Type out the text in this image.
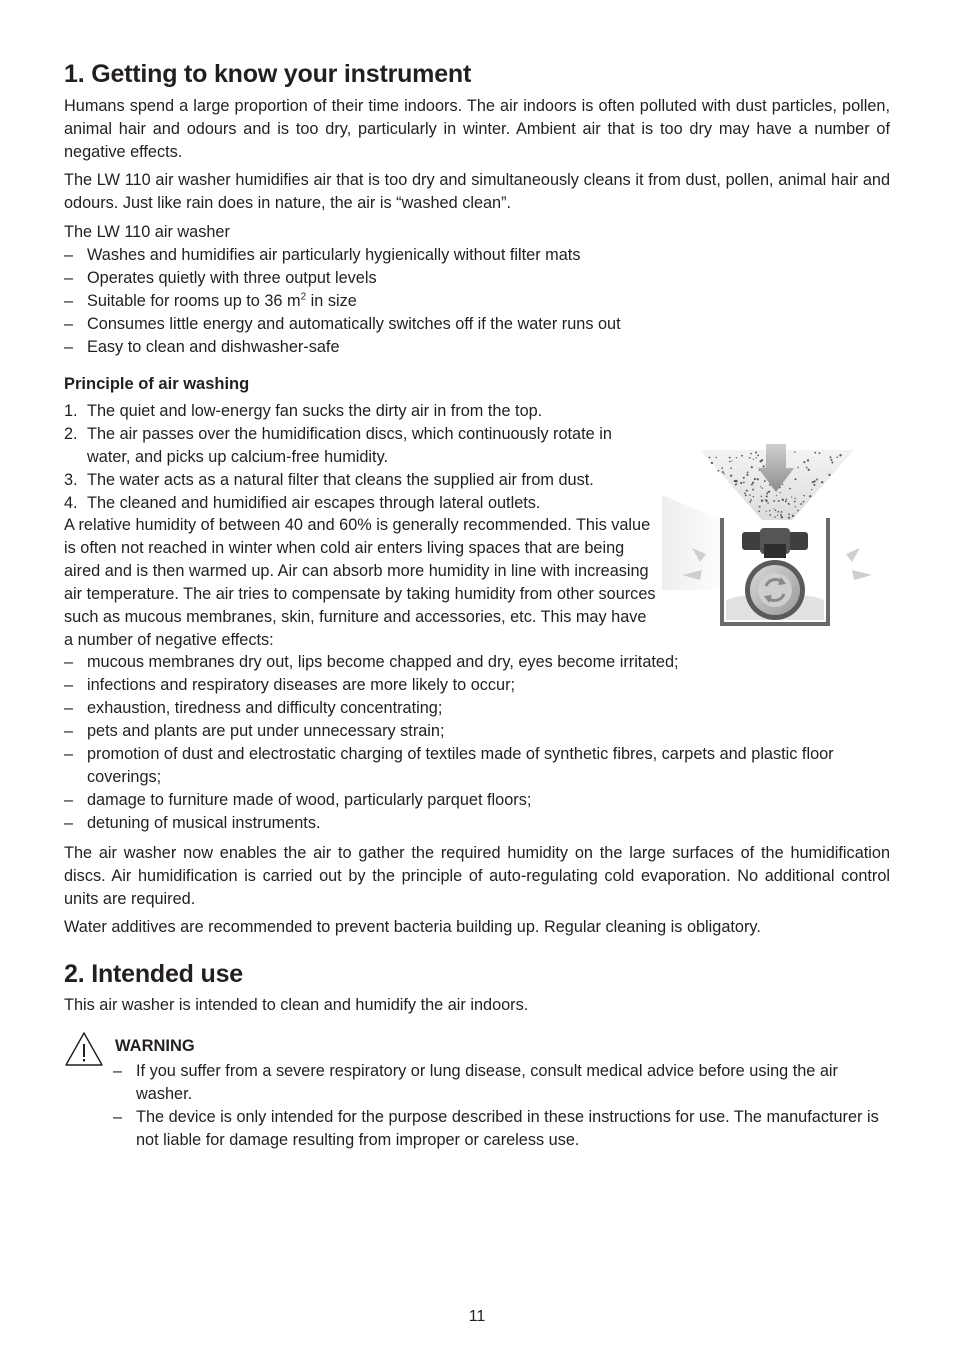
1. Getting to know your instrument

Humans spend a large proportion of their time indoors. The air indoors is often polluted with dust particles, pollen, animal hair and odours and is too dry, particularly in winter. Ambient air that is too dry may have a number of negative effects.

The LW 110 air washer humidifies air that is too dry and simultaneously cleans it from dust, pollen, animal hair and odours. Just like rain does in nature, the air is “washed clean”.

The LW 110 air washer

– Washes and humidifies air particularly hygienically without filter mats
– Operates quietly with three output levels
– Suitable for rooms up to 36 $m^2$ in size
– Consumes little energy and automatically switches off if the water runs out
– Easy to clean and dishwasher-safe
Principle of air washing
1. The quiet and low-energy fan sucks the dirty air in from the top.
2. The air passes over the humidification discs, which continuously rotate in water, and picks up calcium-free humidity.
3. The water acts as a natural filter that cleans the supplied air from dust.
4. The cleaned and humidified air escapes through lateral outlets.

A relative humidity of between 40 and 60% is generally recommended. This value is often not reached in winter when cold air enters living spaces that are being aired and is then warmed up. Air can absorb more humidity in line with increasing air temperature. The air tries to compensate by taking humidity from other sources such as mucous membranes, skin, furniture and accessories, etc. This may have a number of negative effects:

– mucous membranes dry out, lips become chapped and dry, eyes become irritated;
– infections and respiratory diseases are more likely to occur;
– exhaustion, tiredness and difficulty concentrating;
– pets and plants are put under unnecessary strain;
– promotion of dust and electrostatic charging of textiles made of synthetic fibres, carpets and plastic floor coverings;
– damage to furniture made of wood, particularly parquet floors;
– detuning of musical instruments.

The air washer now enables the air to gather the required humidity on the large surfaces of the humidification discs. Air humidification is carried out by the principle of auto-regulating cold evaporation. No additional control units are required.

Water additives are recommended to prevent bacteria building up. Regular cleaning is obligatory.

2. Intended use

This air washer is intended to clean and humidify the air indoors.

WARNING
– If you suffer from a severe respiratory or lung disease, consult medical advice before using the air washer.
– The device is only intended for the purpose described in these instructions for use. The manufacturer is not liable for damage resulting from improper or careless use.
11
